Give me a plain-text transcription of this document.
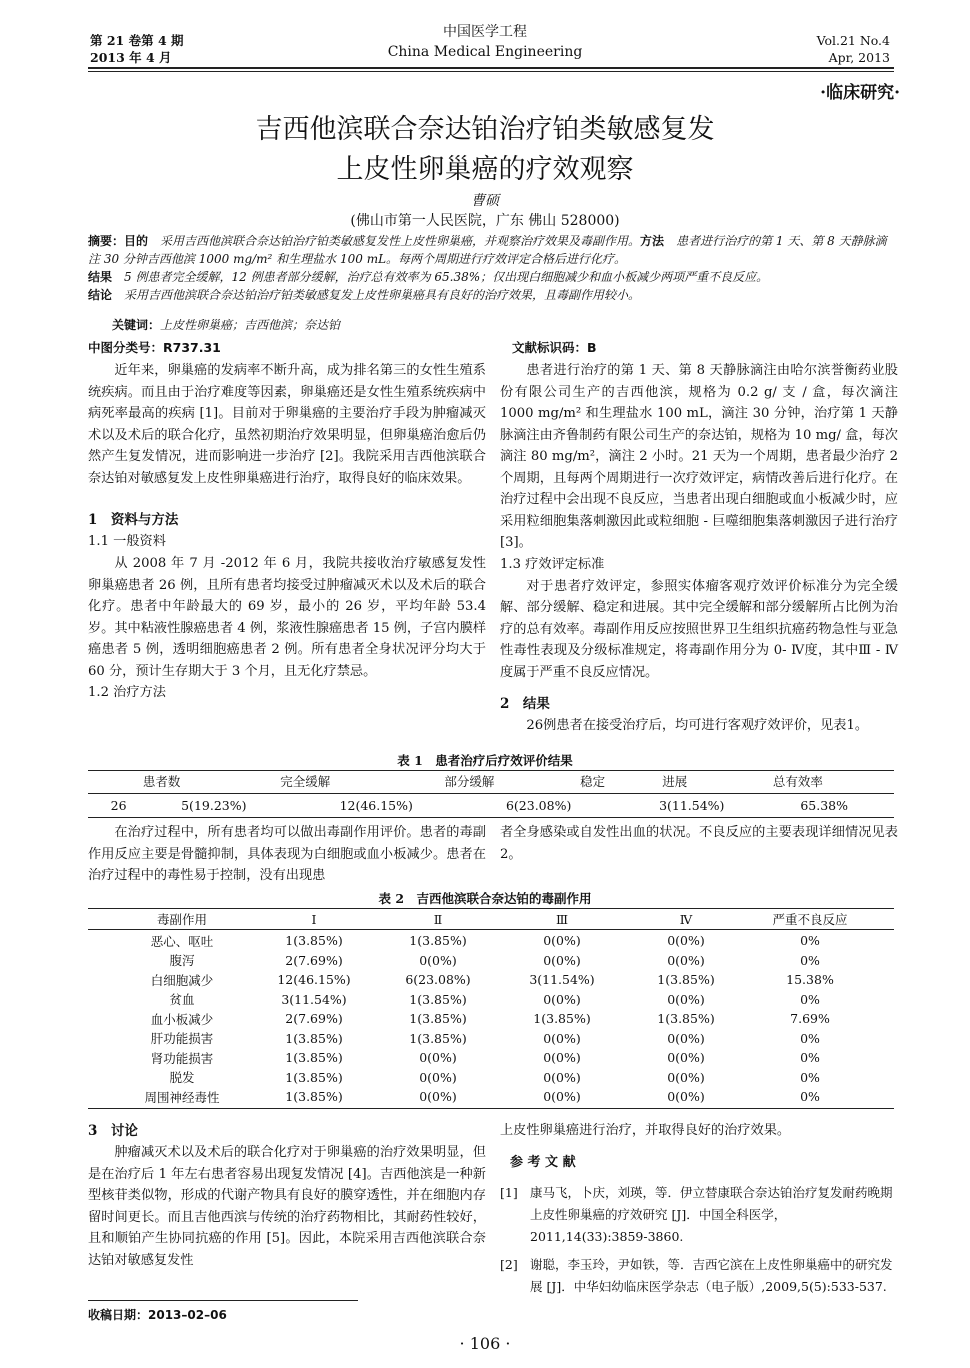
第 21 卷第 4 期
2013 年 4 月
中国医学工程
China Medical Engineering
Vol.21 No.4
Apr, 2013
·临床研究·
吉西他滨联合奈达铂治疗铂类敏感复发
上皮性卵巢癌的疗效观察
曹硕
(佛山市第一人民医院，广东 佛山 528000)

摘要：目的　 采用吉西他滨联合奈达铂治疗铂类敏感复发性上皮性卵巢癌，并观察治疗效果及毒副作用。方法　 患者进行治疗的第 1 天、第 8 天静脉滴注 30 分钟吉西他滨 1000 mg/m² 和生理盐水 100 mL。每两个周期进行疗效评定合格后进行化疗。

结果　 5 例患者完全缓解，12 例患者部分缓解，治疗总有效率为 65.38%；仅出现白细胞减少和血小板减少两项严重不良反应。

结论　 采用吉西他滨联合奈达铂治疗铂类敏感复发上皮性卵巢癌具有良好的治疗效果，且毒副作用较小。

关键词：上皮性卵巢癌；吉西他滨；奈达铂
中图分类号：R737.31	文献标识码：B

近年来，卵巢癌的发病率不断升高，成为排名第三的女性生殖系统疾病。而且由于治疗难度等因素，卵巢癌还是女性生殖系统疾病中病死率最高的疾病 [1]。目前对于卵巢癌的主要治疗手段为肿瘤减灭术以及术后的联合化疗，虽然初期治疗效果明显，但卵巢癌治愈后仍然产生复发情况，进而影响进一步治疗 [2]。我院采用吉西他滨联合奈达铂对敏感复发上皮性卵巢癌进行治疗，取得良好的临床效果。

1　资料与方法
1.1 一般资料

从 2008 年 7 月 -2012 年 6 月，我院共接收治疗敏感复发性卵巢癌患者 26 例，且所有患者均接受过肿瘤减灭术以及术后的联合化疗。患者中年龄最大的 69 岁，最小的 26 岁，平均年龄 53.4 岁。其中粘液性腺癌患者 4 例，浆液性腺癌患者 15 例，子宫内膜样癌患者 5 例，透明细胞癌患者 2 例。所有患者全身状况评分均大于 60 分，预计生存期大于 3 个月，且无化疗禁忌。

1.2 治疗方法

患者进行治疗的第 1 天、第 8 天静脉滴注由哈尔滨誉衡药业股份有限公司生产的吉西他滨，规格为 0.2 g/ 支 / 盒，每次滴注 1000 mg/m² 和生理盐水 100 mL，滴注 30 分钟，治疗第 1 天静脉滴注由齐鲁制药有限公司生产的奈达铂，规格为 10 mg/ 盒，每次滴注 80 mg/m²，滴注 2 小时。21 天为一个周期，患者最少治疗 2 个周期，且每两个周期进行一次疗效评定，病情改善后进行化疗。在治疗过程中会出现不良反应，当患者出现白细胞或血小板减少时，应采用粒细胞集落刺激因此或粒细胞 - 巨噬细胞集落刺激因子进行治疗 [3]。

1.3 疗效评定标准

对于患者疗效评定，参照实体瘤客观疗效评价标准分为完全缓解、部分缓解、稳定和进展。其中完全缓解和部分缓解所占比例为治疗的总有效率。毒副作用反应按照世界卫生组织抗癌药物急性与亚急性毒性表现及分级标准规定，将毒副作用分为 0- Ⅳ度，其中Ⅲ - Ⅳ度属于严重不良反应情况。

2　结果

26例患者在接受治疗后，均可进行客观疗效评价，见表1。

表 1　患者治疗后疗效评价结果
患者数	完全缓解	部分缓解	稳定	进展	总有效率
26	5(19.23%)	12(46.15%)	6(23.08%)	3(11.54%)	65.38%

在治疗过程中，所有患者均可以做出毒副作用评价。患者的毒副作用反应主要是骨髓抑制，具体表现为白细胞或血小板减少。患者在治疗过程中的毒性易于控制，没有出现患

者全身感染或自发性出血的状况。不良反应的主要表现详细情况见表 2。

表 2　吉西他滨联合奈达铂的毒副作用
毒副作用	Ⅰ	Ⅱ	Ⅲ	Ⅳ	严重不良反应
恶心、呕吐	1(3.85%)	1(3.85%)	0(0%)	0(0%)	0%
腹泻	2(7.69%)	0(0%)	0(0%)	0(0%)	0%
白细胞减少	12(46.15%)	6(23.08%)	3(11.54%)	1(3.85%)	15.38%
贫血	3(11.54%)	1(3.85%)	0(0%)	0(0%)	0%
血小板减少	2(7.69%)	1(3.85%)	1(3.85%)	1(3.85%)	7.69%
肝功能损害	1(3.85%)	1(3.85%)	0(0%)	0(0%)	0%
肾功能损害	1(3.85%)	0(0%)	0(0%)	0(0%)	0%
脱发	1(3.85%)	0(0%)	0(0%)	0(0%)	0%
周围神经毒性	1(3.85%)	0(0%)	0(0%)	0(0%)	0%
3　讨论

肿瘤减灭术以及术后的联合化疗对于卵巢癌的治疗效果明显，但是在治疗后 1 年左右患者容易出现复发情况 [4]。吉西他滨是一种新型核苷类似物，形成的代谢产物具有良好的膜穿透性，并在细胞内存留时间更长。而且吉他西滨与传统的治疗药物相比，其耐药性较好，且和顺铂产生协同抗癌的作用 [5]。因此，本院采用吉西他滨联合奈达铂对敏感复发性

上皮性卵巢癌进行治疗，并取得良好的治疗效果。

参 考 文 献
[1] 康马飞，卜庆，刘瑛，等．伊立替康联合奈达铂治疗复发耐药晚期上皮性卵巢癌的疗效研究 [J]．中国全科医学，2011,14(33):3859-3860.
[2] 谢聪，李玉玲，尹如铁，等．吉西它滨在上皮性卵巢癌中的研究发展 [J]．中华妇幼临床医学杂志（电子版）,2009,5(5):533-537.
收稿日期：2013–02–06
· 106 ·
